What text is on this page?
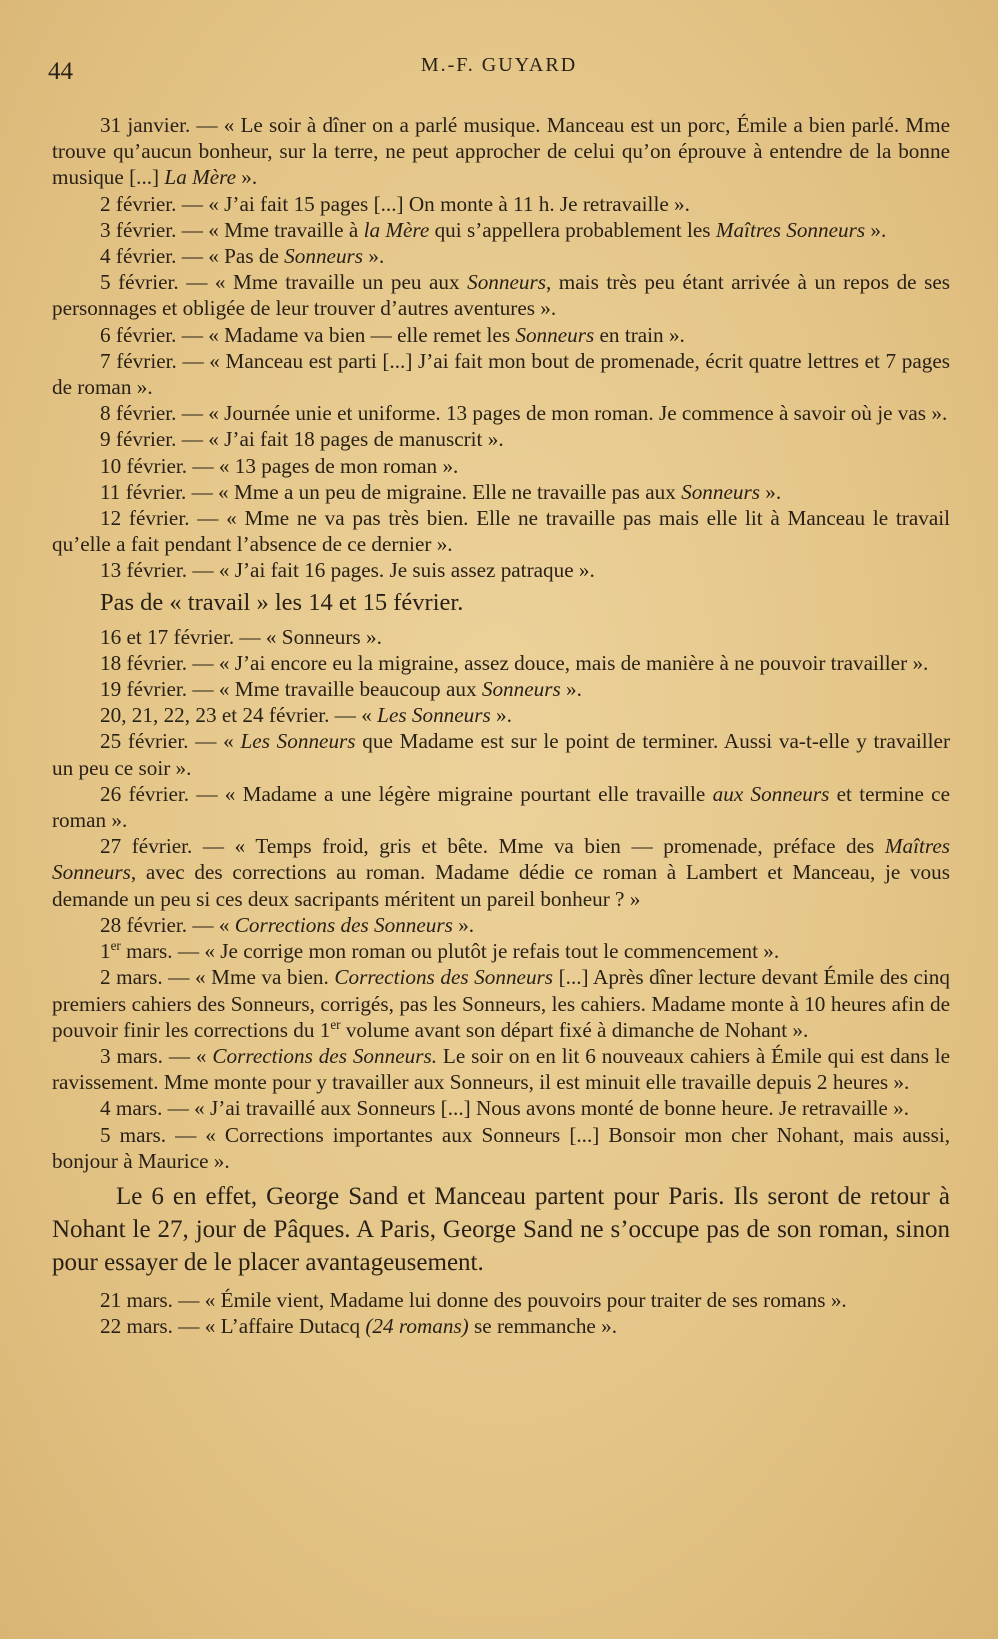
44	M.-F. GUYARD

31 janvier. — « Le soir à dîner on a parlé musique. Manceau est un porc, Émile a bien parlé. Mme trouve qu’aucun bonheur, sur la terre, ne peut approcher de celui qu’on éprouve à entendre de la bonne musique [...] La Mère ».

2 février. — « J’ai fait 15 pages [...] On monte à 11 h. Je retravaille ».

3 février. — « Mme travaille à la Mère qui s’appellera probablement les Maîtres Sonneurs ».

4 février. — « Pas de Sonneurs ».

5 février. — « Mme travaille un peu aux Sonneurs, mais très peu étant arrivée à un repos de ses personnages et obligée de leur trouver d’autres aventures ».

6 février. — « Madame va bien — elle remet les Sonneurs en train ».

7 février. — « Manceau est parti [...] J’ai fait mon bout de promenade, écrit quatre lettres et 7 pages de roman ».

8 février. — « Journée unie et uniforme. 13 pages de mon roman. Je commence à savoir où je vas ».

9 février. — « J’ai fait 18 pages de manuscrit ».

10 février. — « 13 pages de mon roman ».

11 février. — « Mme a un peu de migraine. Elle ne travaille pas aux Sonneurs ».

12 février. — « Mme ne va pas très bien. Elle ne travaille pas mais elle lit à Manceau le travail qu’elle a fait pendant l’absence de ce dernier ».

13 février. — « J’ai fait 16 pages. Je suis assez patraque ».

Pas de « travail » les 14 et 15 février.

16 et 17 février. — « Sonneurs ».

18 février. — « J’ai encore eu la migraine, assez douce, mais de manière à ne pouvoir travailler ».

19 février. — « Mme travaille beaucoup aux Sonneurs ».

20, 21, 22, 23 et 24 février. — « Les Sonneurs ».

25 février. — « Les Sonneurs que Madame est sur le point de terminer. Aussi va-t-elle y travailler un peu ce soir ».

26 février. — « Madame a une légère migraine pourtant elle travaille aux Sonneurs et termine ce roman ».

27 février. — « Temps froid, gris et bête. Mme va bien — promenade, préface des Maîtres Sonneurs, avec des corrections au roman. Madame dédie ce roman à Lambert et Manceau, je vous demande un peu si ces deux sacripants méritent un pareil bonheur ? »

28 février. — « Corrections des Sonneurs ».

1er mars. — « Je corrige mon roman ou plutôt je refais tout le commencement ».

2 mars. — « Mme va bien. Corrections des Sonneurs [...] Après dîner lecture devant Émile des cinq premiers cahiers des Sonneurs, corrigés, pas les Sonneurs, les cahiers. Madame monte à 10 heures afin de pouvoir finir les corrections du 1er volume avant son départ fixé à dimanche de Nohant ».

3 mars. — « Corrections des Sonneurs. Le soir on en lit 6 nouveaux cahiers à Émile qui est dans le ravissement. Mme monte pour y travailler aux Sonneurs, il est minuit elle travaille depuis 2 heures ».

4 mars. — « J’ai travaillé aux Sonneurs [...] Nous avons monté de bonne heure. Je retravaille ».

5 mars. — « Corrections importantes aux Sonneurs [...] Bonsoir mon cher Nohant, mais aussi, bonjour à Maurice ».

Le 6 en effet, George Sand et Manceau partent pour Paris. Ils seront de retour à Nohant le 27, jour de Pâques. A Paris, George Sand ne s’occupe pas de son roman, sinon pour essayer de le placer avantageusement.

21 mars. — « Émile vient, Madame lui donne des pouvoirs pour traiter de ses romans ».

22 mars. — « L’affaire Dutacq (24 romans) se remmanche ».
